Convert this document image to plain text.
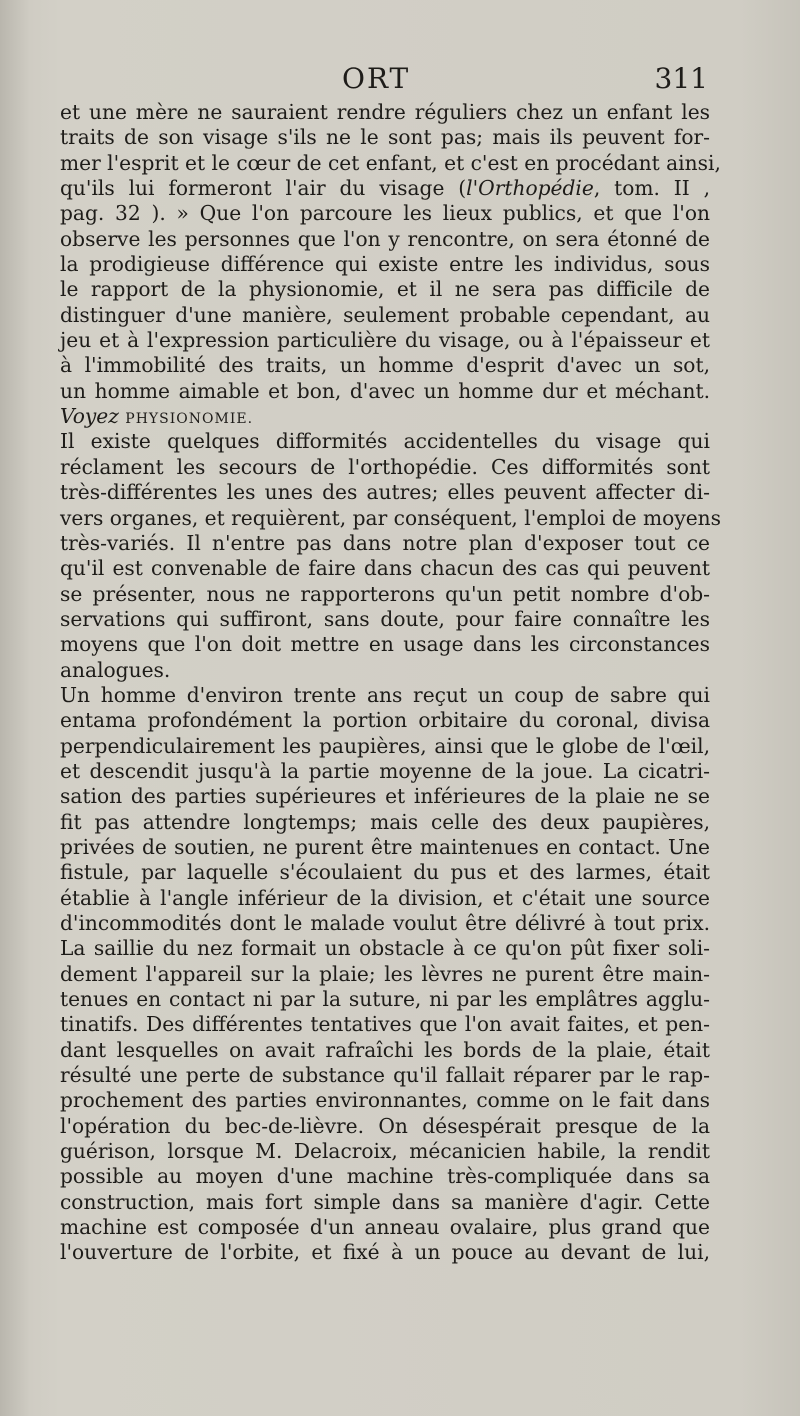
ORT	311
et une mère ne sauraient rendre réguliers chez un enfant les
traits de son visage s'ils ne le sont pas; mais ils peuvent for-
mer l'esprit et le cœur de cet enfant, et c'est en procédant ainsi,
qu'ils lui formeront l'air du visage (l'Orthopédie, tom. II ,
pag. 32 ). » Que l'on parcoure les lieux publics, et que l'on
observe les personnes que l'on y rencontre, on sera étonné de
la prodigieuse différence qui existe entre les individus, sous
le rapport de la physionomie, et il ne sera pas difficile de
distinguer d'une manière, seulement probable cependant, au
jeu et à l'expression particulière du visage, ou à l'épaisseur et
à l'immobilité des traits, un homme d'esprit d'avec un sot,
un homme aimable et bon, d'avec un homme dur et méchant.
Voyez PHYSIONOMIE.
Il existe quelques difformités accidentelles du visage qui
réclament les secours de l'orthopédie. Ces difformités sont
très-différentes les unes des autres; elles peuvent affecter di-
vers organes, et requièrent, par conséquent, l'emploi de moyens
très-variés. Il n'entre pas dans notre plan d'exposer tout ce
qu'il est convenable de faire dans chacun des cas qui peuvent
se présenter, nous ne rapporterons qu'un petit nombre d'ob-
servations qui suffiront, sans doute, pour faire connaître les
moyens que l'on doit mettre en usage dans les circonstances
analogues.
Un homme d'environ trente ans reçut un coup de sabre qui
entama profondément la portion orbitaire du coronal, divisa
perpendiculairement les paupières, ainsi que le globe de l'œil,
et descendit jusqu'à la partie moyenne de la joue. La cicatri-
sation des parties supérieures et inférieures de la plaie ne se
fit pas attendre longtemps; mais celle des deux paupières,
privées de soutien, ne purent être maintenues en contact. Une
fistule, par laquelle s'écoulaient du pus et des larmes, était
établie à l'angle inférieur de la division, et c'était une source
d'incommodités dont le malade voulut être délivré à tout prix.
La saillie du nez formait un obstacle à ce qu'on pût fixer soli-
dement l'appareil sur la plaie; les lèvres ne purent être main-
tenues en contact ni par la suture, ni par les emplâtres agglu-
tinatifs. Des différentes tentatives que l'on avait faites, et pen-
dant lesquelles on avait rafraîchi les bords de la plaie, était
résulté une perte de substance qu'il fallait réparer par le rap-
prochement des parties environnantes, comme on le fait dans
l'opération du bec-de-lièvre. On désespérait presque de la
guérison, lorsque M. Delacroix, mécanicien habile, la rendit
possible au moyen d'une machine très-compliquée dans sa
construction, mais fort simple dans sa manière d'agir. Cette
machine est composée d'un anneau ovalaire, plus grand que
l'ouverture de l'orbite, et fixé à un pouce au devant de lui,
